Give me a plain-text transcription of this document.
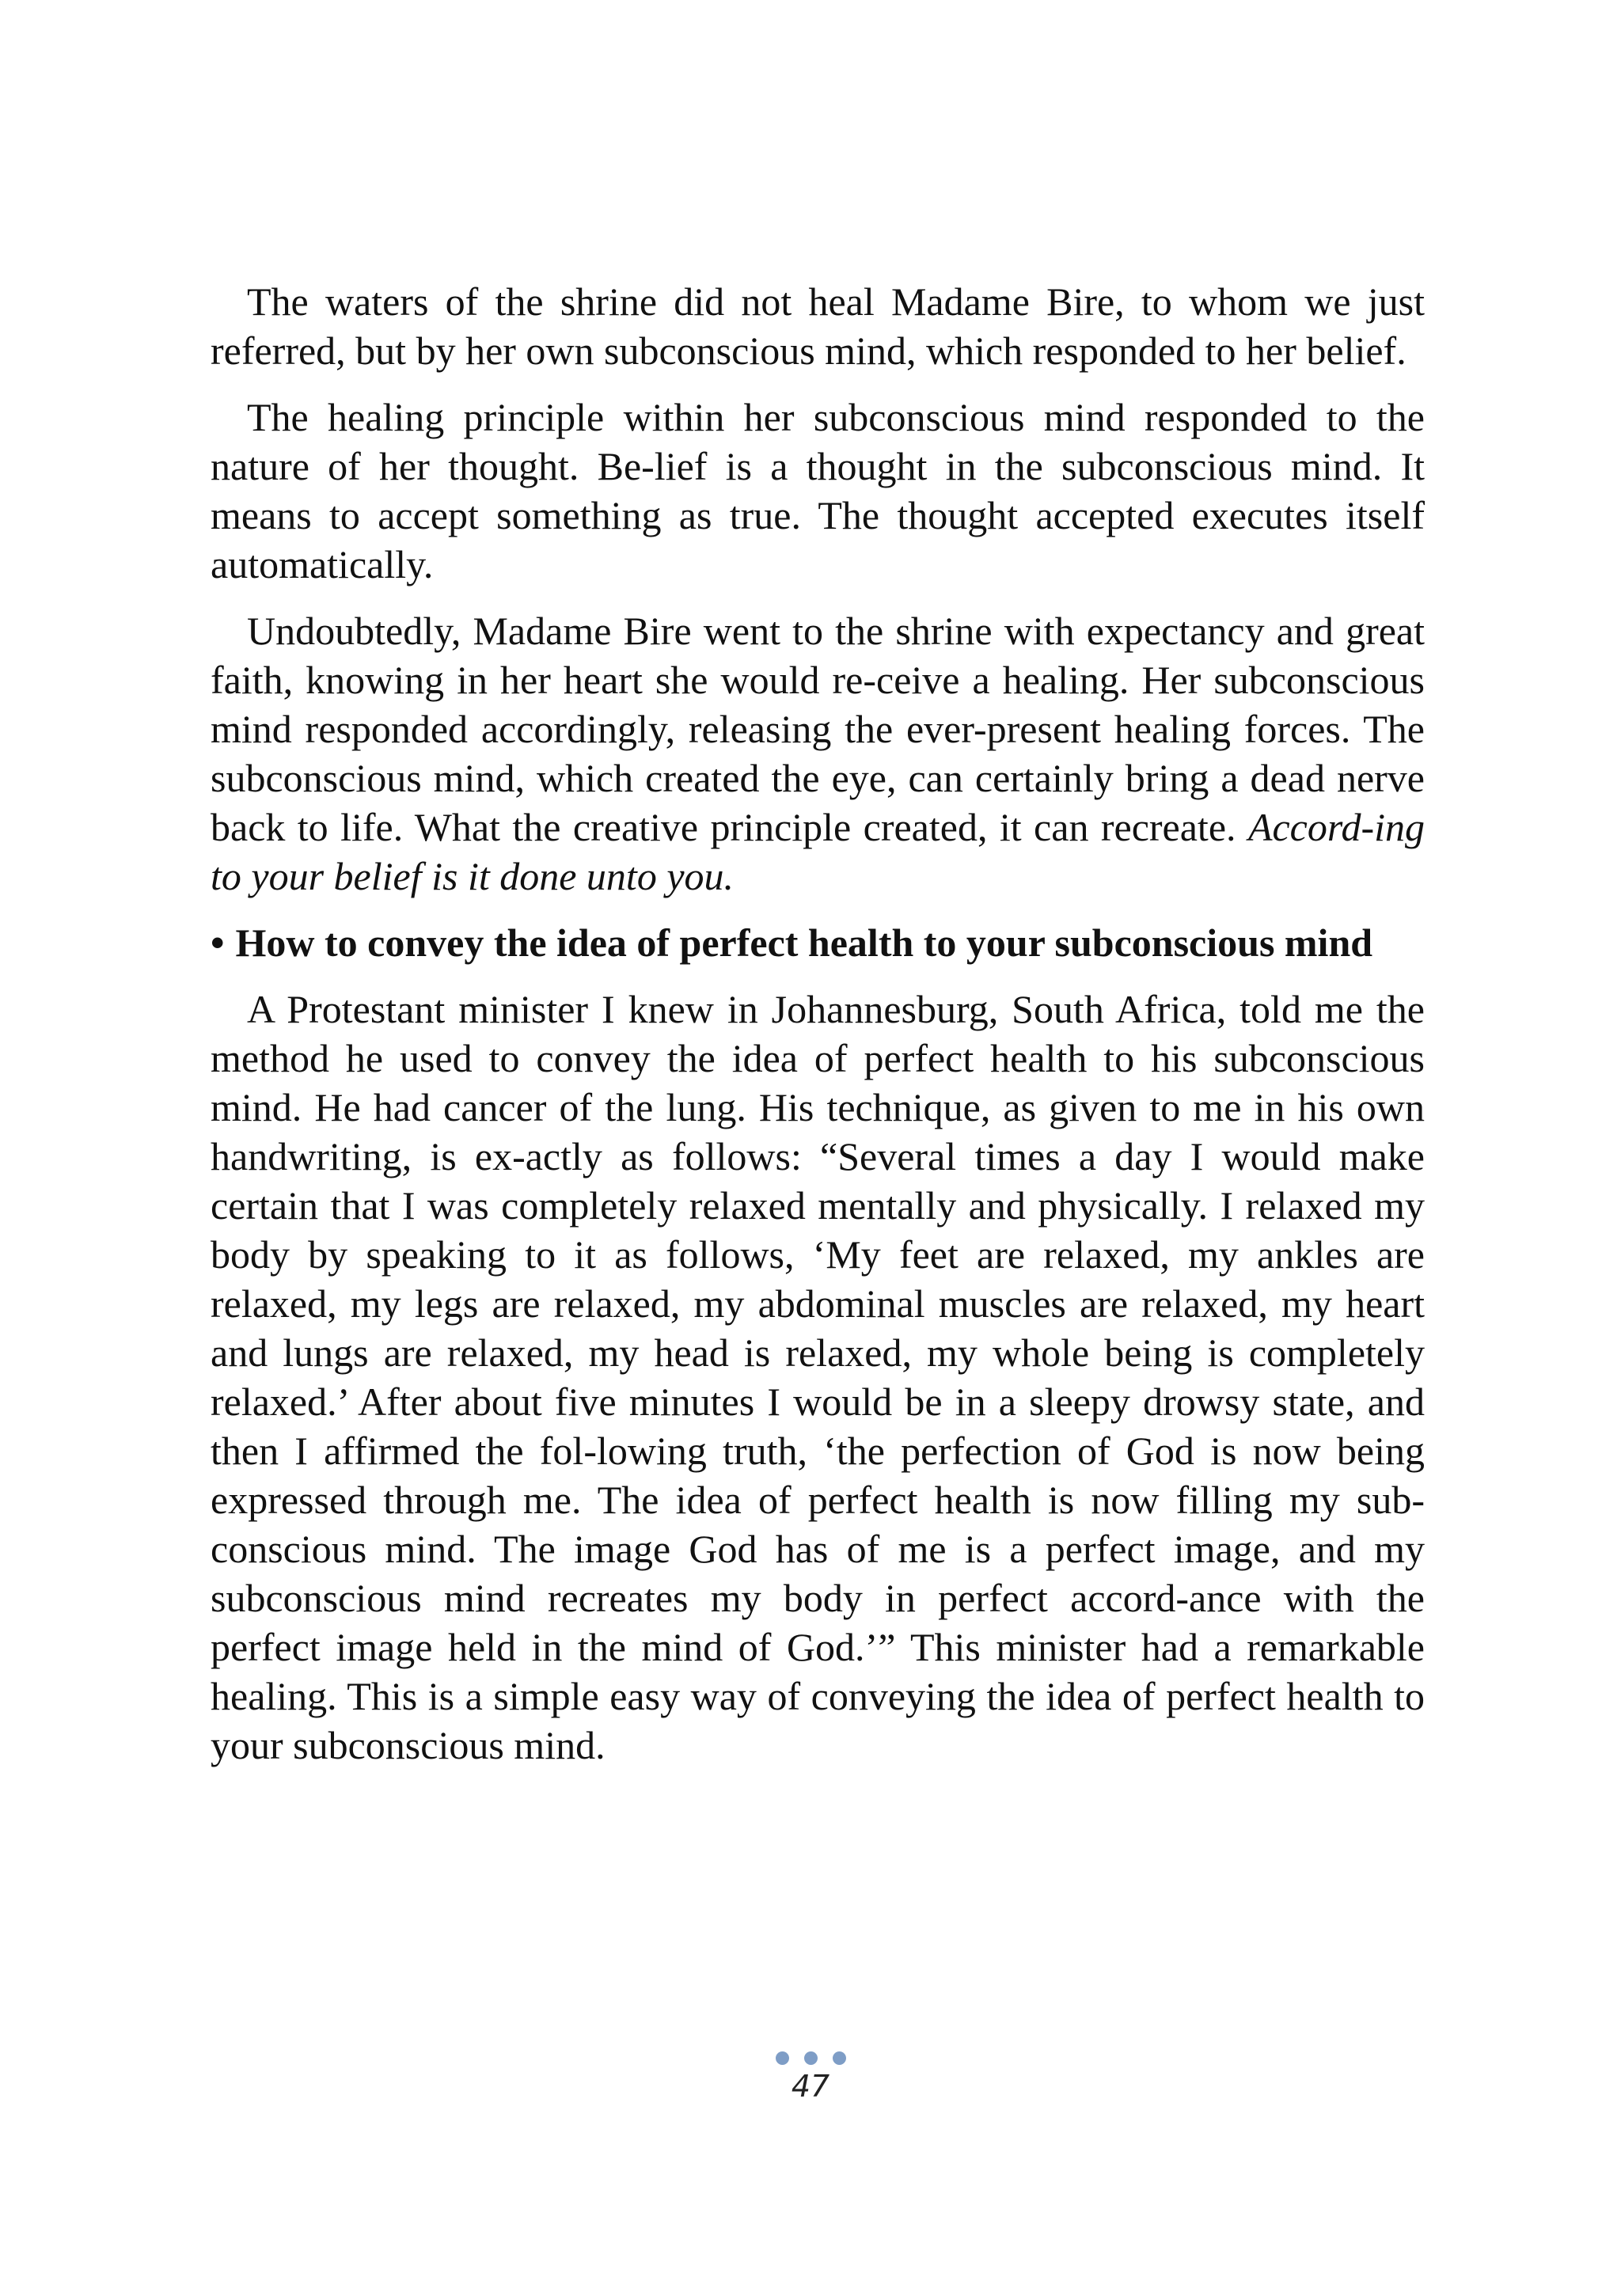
The waters of the shrine did not heal Madame Bire, to whom we just referred, but by her own subconscious mind, which responded to her belief.

The healing principle within her subconscious mind responded to the nature of her thought. Be-lief is a thought in the subconscious mind. It means to accept something as true. The thought accepted executes itself automatically.

Undoubtedly, Madame Bire went to the shrine with expectancy and great faith, knowing in her heart she would re-ceive a healing. Her subconscious mind responded accordingly, releasing the ever-present healing forces. The subconscious mind, which created the eye, can certainly bring a dead nerve back to life. What the creative principle created, it can recreate. Accord-ing to your belief is it done unto you.

• How to convey the idea of perfect health to your subconscious mind

A Protestant minister I knew in Johannesburg, South Africa, told me the method he used to convey the idea of perfect health to his subconscious mind. He had cancer of the lung. His technique, as given to me in his own handwriting, is ex-actly as follows: “Several times a day I would make certain that I was completely relaxed mentally and physically. I relaxed my body by speaking to it as follows, ‘My feet are relaxed, my ankles are relaxed, my legs are relaxed, my abdominal muscles are relaxed, my heart and lungs are relaxed, my head is relaxed, my whole being is completely relaxed.’ After about five minutes I would be in a sleepy drowsy state, and then I affirmed the fol-lowing truth, ‘the perfection of God is now being expressed through me. The idea of perfect health is now filling my sub-conscious mind. The image God has of me is a perfect image, and my subconscious mind recreates my body in perfect accord-ance with the perfect image held in the mind of God.’” This minister had a remarkable healing. This is a simple easy way of conveying the idea of perfect health to your subconscious mind.

47
